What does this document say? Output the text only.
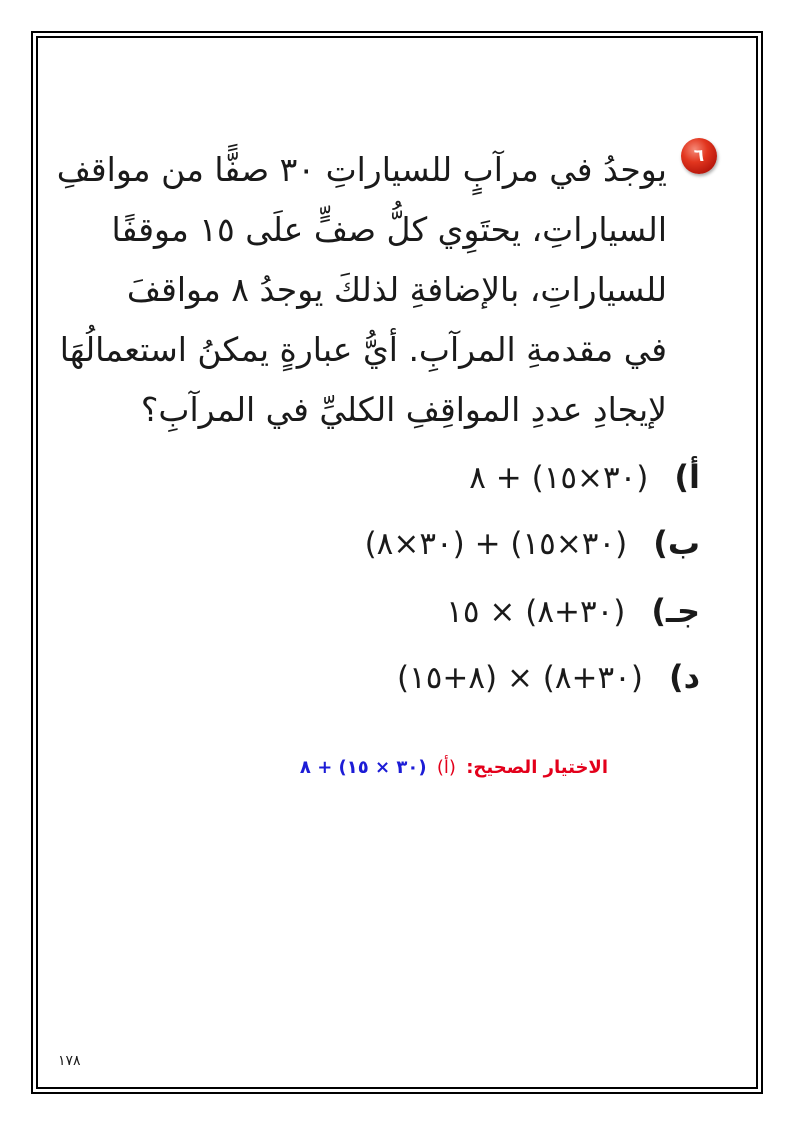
٦
يوجدُ في مرآبٍ للسياراتِ ٣٠ صفًّا من مواقفِ
السياراتِ، يحتَوِي كلُّ صفٍّ علَى ١٥ موقفًا
للسياراتِ، بالإضافةِ لذلكَ يوجدُ ٨ مواقفَ
في مقدمةِ المرآبِ. أيُّ عبارةٍ يمكنُ استعمالُهَا
لإيجادِ عددِ المواقِفِ الكليِّ في المرآبِ؟
أ)(٣٠×١٥) + ٨
ب)(٣٠×١٥) + (٣٠×٨)
جـ)(٣٠+٨) × ١٥
د)(٣٠+٨) × (٨+١٥)
الاختيار الصحيح: (أ) (٣٠ × ١٥) + ٨
١٧٨
